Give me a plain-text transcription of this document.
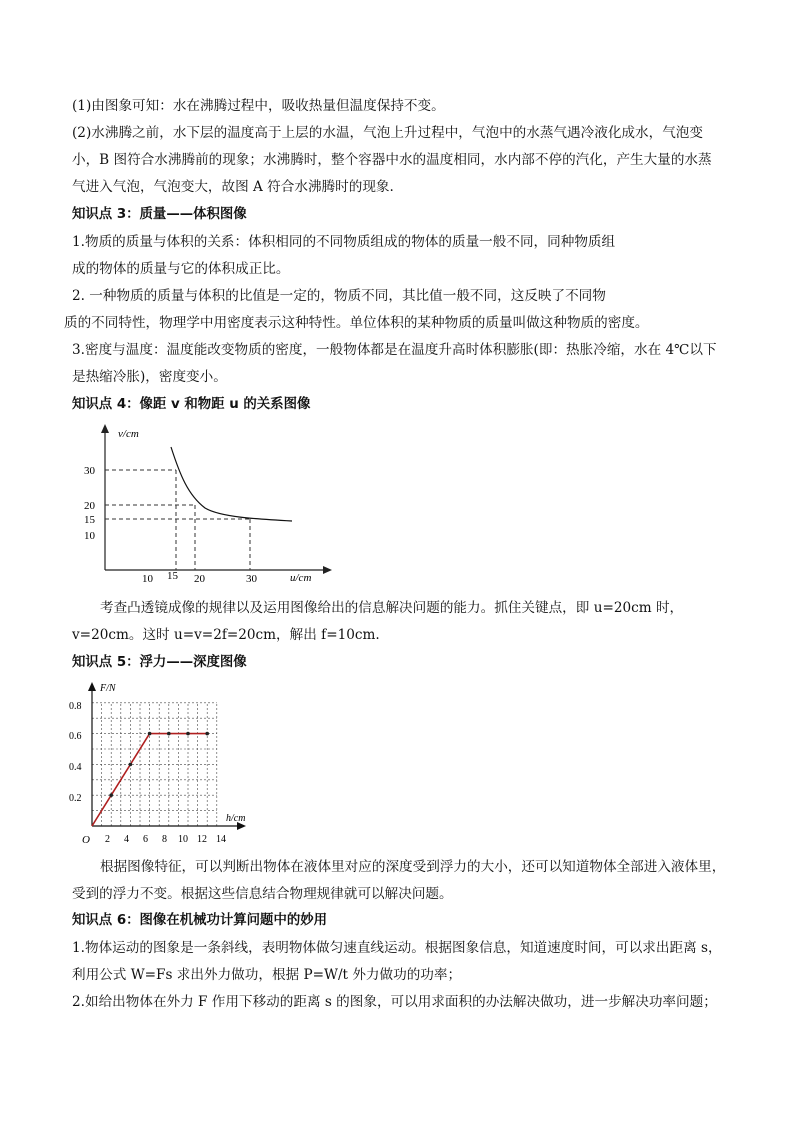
(1)由图象可知：水在沸腾过程中，吸收热量但温度保持不变。
(2)水沸腾之前，水下层的温度高于上层的水温，气泡上升过程中，气泡中的水蒸气遇冷液化成水，气泡变
小，B 图符合水沸腾前的现象；水沸腾时，整个容器中水的温度相同，水内部不停的汽化，产生大量的水蒸
气进入气泡，气泡变大，故图 A 符合水沸腾时的现象.
知识点 3：质量——体积图像
1.物质的质量与体积的关系：体积相同的不同物质组成的物体的质量一般不同，同种物质组
成的物体的质量与它的体积成正比。
2. 一种物质的质量与体积的比值是一定的，物质不同，其比值一般不同，这反映了不同物
质的不同特性，物理学中用密度表示这种特性。单位体积的某种物质的质量叫做这种物质的密度。
3.密度与温度：温度能改变物质的密度，一般物体都是在温度升高时体积膨胀(即：热胀冷缩，水在 4℃以下
是热缩冷胀)，密度变小。
知识点 4：像距 v 和物距 u 的关系图像
v/cm
u/cm
30
20
15
10
10 15 20	30
考查凸透镜成像的规律以及运用图像给出的信息解决问题的能力。抓住关键点，即 u=20cm 时，
v=20cm。这时 u=v=2f=20cm，解出 f=10cm.
知识点 5：浮力——深度图像
F/N
h/cm
O
0.8
0.6
0.4
0.2
2 4 6 8 10 12 14
根据图像特征，可以判断出物体在液体里对应的深度受到浮力的大小，还可以知道物体全部进入液体里，
受到的浮力不变。根据这些信息结合物理规律就可以解决问题。
知识点 6：图像在机械功计算问题中的妙用
1.物体运动的图象是一条斜线，表明物体做匀速直线运动。根据图象信息，知道速度时间，可以求出距离 s，
利用公式 W=Fs 求出外力做功，根据 P=W/t 外力做功的功率；
2.如给出物体在外力 F 作用下移动的距离 s 的图象，可以用求面积的办法解决做功，进一步解决功率问题；
